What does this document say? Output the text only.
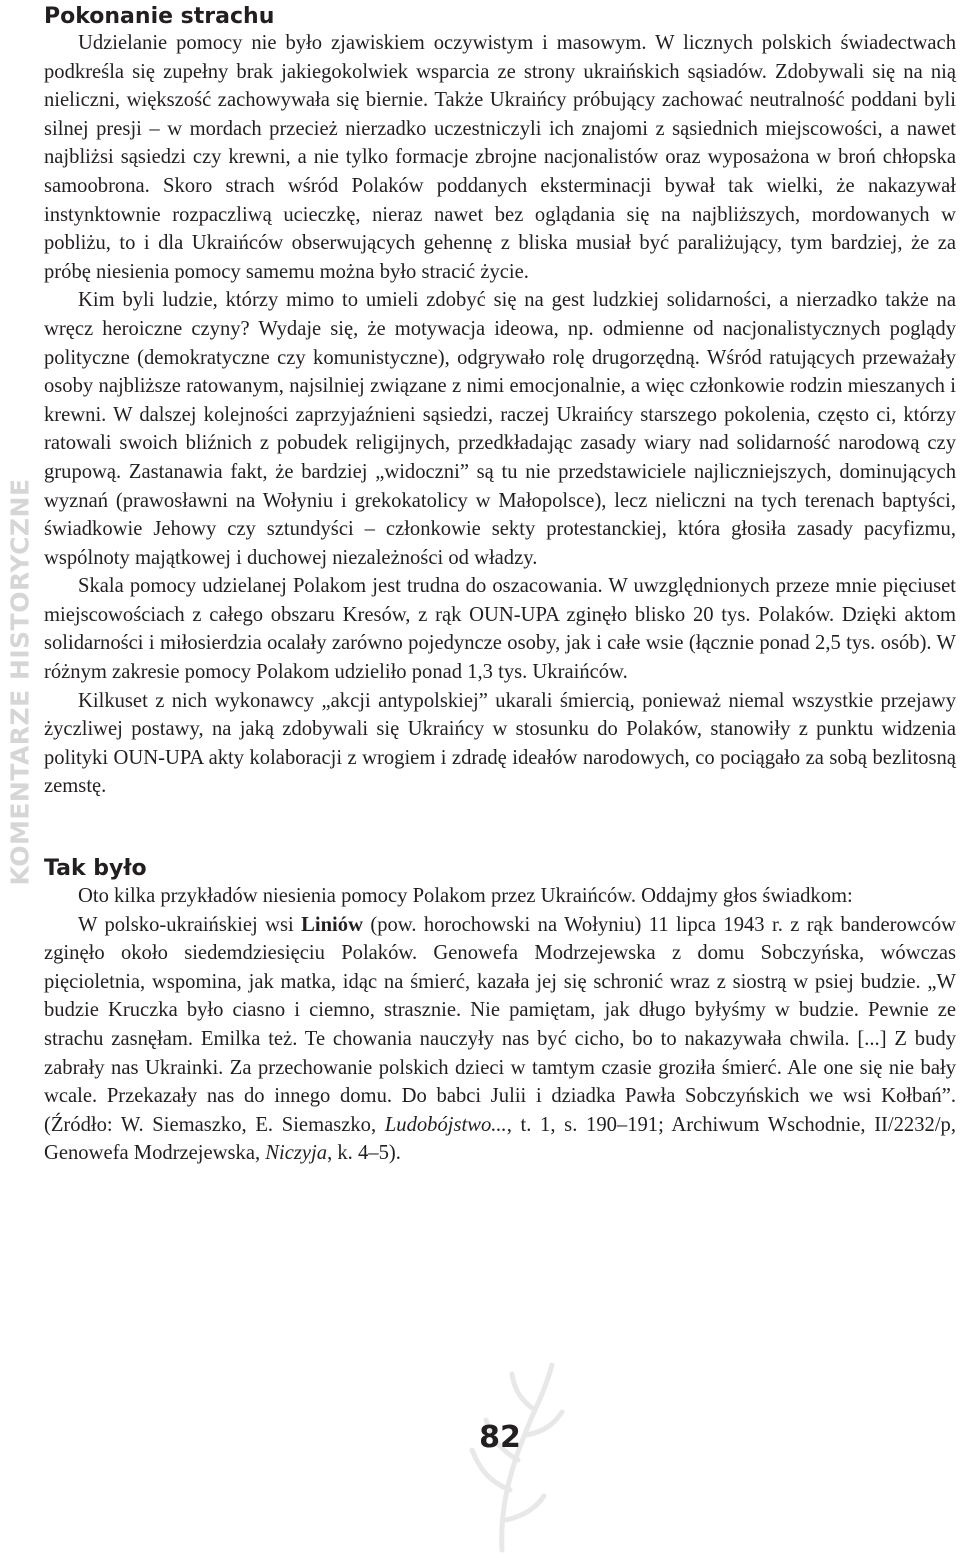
KOMENTARZE HISTORYCZNE
Pokonanie strachu

Udzielanie pomocy nie było zjawiskiem oczywistym i masowym. W licznych polskich świadectwach podkreśla się zupełny brak jakiegokolwiek wsparcia ze strony ukraińskich sąsiadów. Zdobywali się na nią nieliczni, większość zachowywała się biernie. Także Ukraińcy próbujący zachować neutralność poddani byli silnej presji – w mordach przecież nierzadko uczestniczyli ich znajomi z sąsiednich miejscowości, a nawet najbliżsi sąsiedzi czy krewni, a nie tylko formacje zbrojne nacjonalistów oraz wyposażona w broń chłopska samoobrona. Skoro strach wśród Polaków poddanych eksterminacji bywał tak wielki, że nakazywał instynktownie rozpaczliwą ucieczkę, nieraz nawet bez oglądania się na najbliższych, mordowanych w pobliżu, to i dla Ukraińców obserwujących gehennę z bliska musiał być paraliżujący, tym bardziej, że za próbę niesienia pomocy samemu można było stracić życie.

Kim byli ludzie, którzy mimo to umieli zdobyć się na gest ludzkiej solidarności, a nierzadko także na wręcz heroiczne czyny? Wydaje się, że motywacja ideowa, np. odmienne od nacjonalistycznych poglądy polityczne (demokratyczne czy komunistyczne), odgrywało rolę drugorzędną. Wśród ratujących przeważały osoby najbliższe ratowanym, najsilniej związane z nimi emocjonalnie, a więc członkowie rodzin mieszanych i krewni. W dalszej kolejności zaprzyjaźnieni sąsiedzi, raczej Ukraińcy starszego pokolenia, często ci, którzy ratowali swoich bliźnich z pobudek religijnych, przedkładając zasady wiary nad solidarność narodową czy grupową. Zastanawia fakt, że bardziej „widoczni” są tu nie przedstawiciele najliczniejszych, dominujących wyznań (prawosławni na Wołyniu i grekokatolicy w Małopolsce), lecz nieliczni na tych terenach baptyści, świadkowie Jehowy czy sztundyści – członkowie sekty protestanckiej, która głosiła zasady pacyfizmu, wspólnoty majątkowej i duchowej niezależności od władzy.

Skala pomocy udzielanej Polakom jest trudna do oszacowania. W uwzględnionych przeze mnie pięciuset miejscowościach z całego obszaru Kresów, z rąk OUN-UPA zginęło blisko 20 tys. Polaków. Dzięki aktom solidarności i miłosierdzia ocalały zarówno pojedyncze osoby, jak i całe wsie (łącznie ponad 2,5 tys. osób). W różnym zakresie pomocy Polakom udzieliło ponad 1,3 tys. Ukraińców.

Kilkuset z nich wykonawcy „akcji antypolskiej” ukarali śmiercią, ponieważ niemal wszystkie przejawy życzliwej postawy, na jaką zdobywali się Ukraińcy w stosunku do Polaków, stanowiły z punktu widzenia polityki OUN-UPA akty kolaboracji z wrogiem i zdradę ideałów narodowych, co pociągało za sobą bezlitosną zemstę.

Tak było

Oto kilka przykładów niesienia pomocy Polakom przez Ukraińców. Oddajmy głos świadkom:

W polsko-ukraińskiej wsi Liniów (pow. horochowski na Wołyniu) 11 lipca 1943 r. z rąk banderowców zginęło około siedemdziesięciu Polaków. Genowefa Modrzejewska z domu Sobczyńska, wówczas pięcioletnia, wspomina, jak matka, idąc na śmierć, kazała jej się schronić wraz z siostrą w psiej budzie. „W budzie Kruczka było ciasno i ciemno, strasznie. Nie pamiętam, jak długo byłyśmy w budzie. Pewnie ze strachu zasnęłam. Emilka też. Te chowania nauczyły nas być cicho, bo to nakazywała chwila. [...] Z budy zabrały nas Ukrainki. Za przechowanie polskich dzieci w tamtym czasie groziła śmierć. Ale one się nie bały wcale. Przekazały nas do innego domu. Do babci Julii i dziadka Pawła Sobczyńskich we wsi Kołbań”. (Źródło: W. Siemaszko, E. Siemaszko, Ludobójstwo..., t. 1, s. 190–191; Archiwum Wschodnie, II/2232/p, Genowefa Modrzejewska, Niczyja, k. 4–5).

82
